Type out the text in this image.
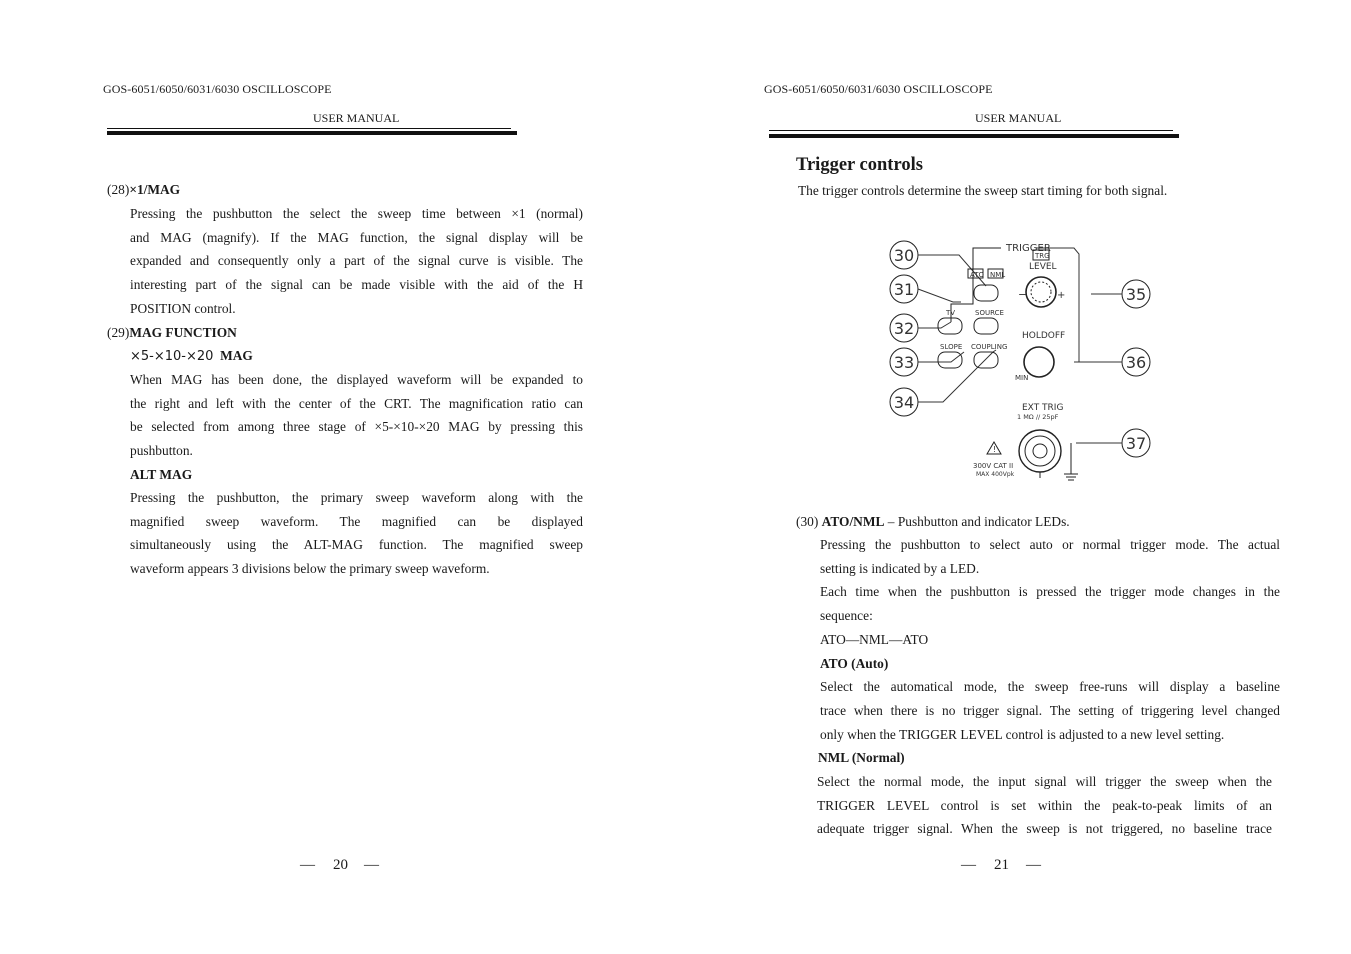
GOS-6051/6050/6031/6030 OSCILLOSCOPE
USER MANUAL
(28)×1/MAG
Pressing the pushbutton the select the sweep time between ×1 (normal)
and MAG (magnify). If the MAG function, the signal display will be
expanded and consequently only a part of the signal curve is visible. The
interesting part of the signal can be made visible with the aid of the H
POSITION control.
(29)MAG FUNCTION
×5-×10-×20 MAG
When MAG has been done, the displayed waveform will be expanded to
the right and left with the center of the CRT. The magnification ratio can
be selected from among three stage of ×5-×10-×20 MAG by pressing this
pushbutton.
ALT MAG
Pressing the pushbutton, the primary sweep waveform along with the
magnified sweep waveform. The magnified can be displayed
simultaneously using the ALT-MAG function. The magnified sweep
waveform appears 3 divisions below the primary sweep waveform.
— 20 —
GOS-6051/6050/6031/6030 OSCILLOSCOPE
USER MANUAL
Trigger controls
The trigger controls determine the sweep start timing for both signal.
30
31
32
33
34
35
36
37
TRIGGER
ATO NML
TRG
LEVEL
−	+
TV	SOURCE
SLOPE COUPLING
HOLDOFF
MIN
EXT TRIG
1 MΩ // 25pF
!
300V CAT II
MAX 400Vpk
(30) ATO/NML – Pushbutton and indicator LEDs.
Pressing the pushbutton to select auto or normal trigger mode. The actual
setting is indicated by a LED.
Each time when the pushbutton is pressed the trigger mode changes in the
sequence:
ATO—NML—ATO
ATO (Auto)
Select the automatical mode, the sweep free-runs will display a baseline
trace when there is no trigger signal. The setting of triggering level changed
only when the TRIGGER LEVEL control is adjusted to a new level setting.
NML (Normal)
Select the normal mode, the input signal will trigger the sweep when the
TRIGGER LEVEL control is set within the peak-to-peak limits of an
adequate trigger signal. When the sweep is not triggered, no baseline trace
— 21 —
